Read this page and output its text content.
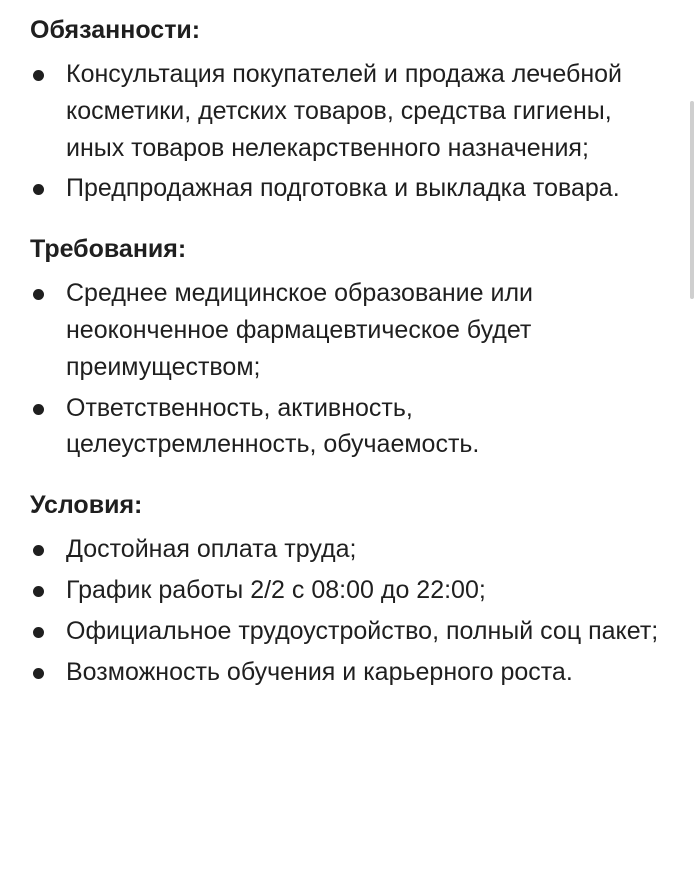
Обязанности:
Консультация покупателей и продажа лечебной косметики, детских товаров, средства гигиены, иных товаров нелекарственного назначения;
Предпродажная подготовка и выкладка товара.
Требования:
Среднее медицинское образование или неоконченное фармацевтическое будет преимуществом;
Ответственность, активность, целеустремленность, обучаемость.
Условия:
Достойная оплата труда;
График работы 2/2 с 08:00 до 22:00;
Официальное трудоустройство, полный соц пакет;
Возможность обучения и карьерного роста.
